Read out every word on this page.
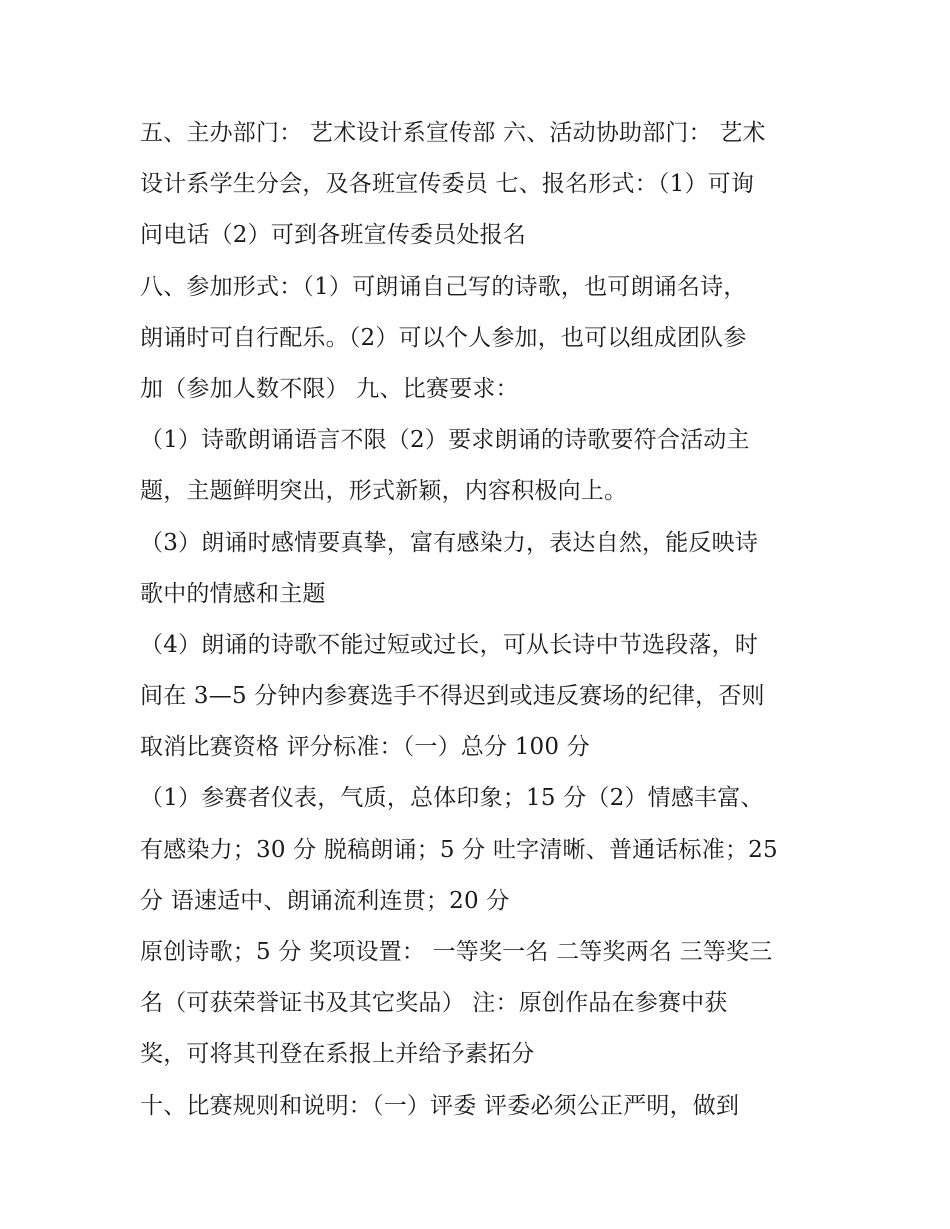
五、主办部门： 艺术设计系宣传部 六、活动协助部门： 艺术
设计系学生分会，及各班宣传委员 七、报名形式：（1）可询
问电话（2）可到各班宣传委员处报名
八、参加形式：（1）可朗诵自己写的诗歌，也可朗诵名诗，
朗诵时可自行配乐。（2）可以个人参加，也可以组成团队参
加（参加人数不限） 九、比赛要求：
（1）诗歌朗诵语言不限（2）要求朗诵的诗歌要符合活动主
题，主题鲜明突出，形式新颖，内容积极向上。
（3）朗诵时感情要真挚，富有感染力，表达自然，能反映诗
歌中的情感和主题
（4）朗诵的诗歌不能过短或过长，可从长诗中节选段落，时
间在 3—5 分钟内参赛选手不得迟到或违反赛场的纪律，否则
取消比赛资格 评分标准：（一）总分 100 分
（1）参赛者仪表，气质，总体印象；15 分（2）情感丰富、
有感染力；30 分 脱稿朗诵；5 分 吐字清晰、普通话标准；25
分 语速适中、朗诵流利连贯；20 分
原创诗歌；5 分 奖项设置： 一等奖一名 二等奖两名 三等奖三
名（可获荣誉证书及其它奖品） 注：原创作品在参赛中获
奖，可将其刊登在系报上并给予素拓分
十、比赛规则和说明：（一）评委 评委必须公正严明，做到
